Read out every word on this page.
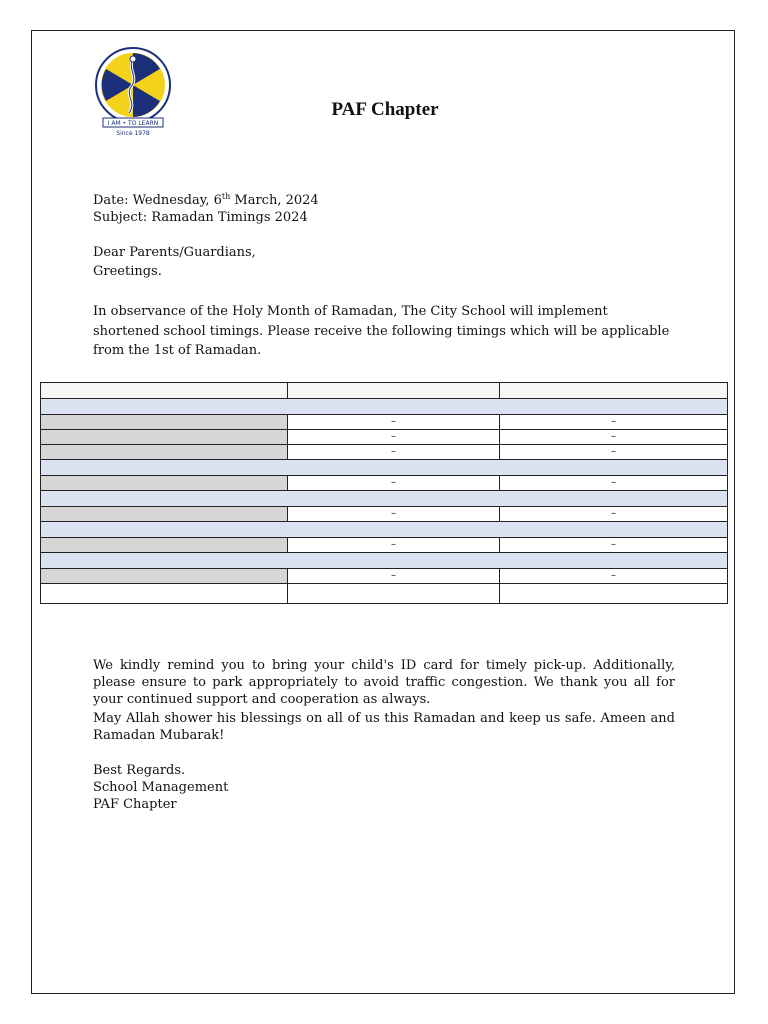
I AM • TO LEARN
Since 1978
PAF Chapter
Date: Wednesday, 6th March, 2024
Subject: Ramadan Timings 2024
Dear Parents/Guardians,
Greetings.
In observance of the Holy Month of Ramadan, The City School will implement shortened school timings. Please receive the following timings which will be applicable from the 1st of Ramadan.

	–	–
	–	–
	–	–

	–	–

	–	–

	–	–

	–	–

We kindly remind you to bring your child's ID card for timely pick-up. Additionally, please ensure to park appropriately to avoid traffic congestion. We thank you all for your continued support and cooperation as always.
May Allah shower his blessings on all of us this Ramadan and keep us safe. Ameen and Ramadan Mubarak!
Best Regards.
School Management
PAF Chapter
